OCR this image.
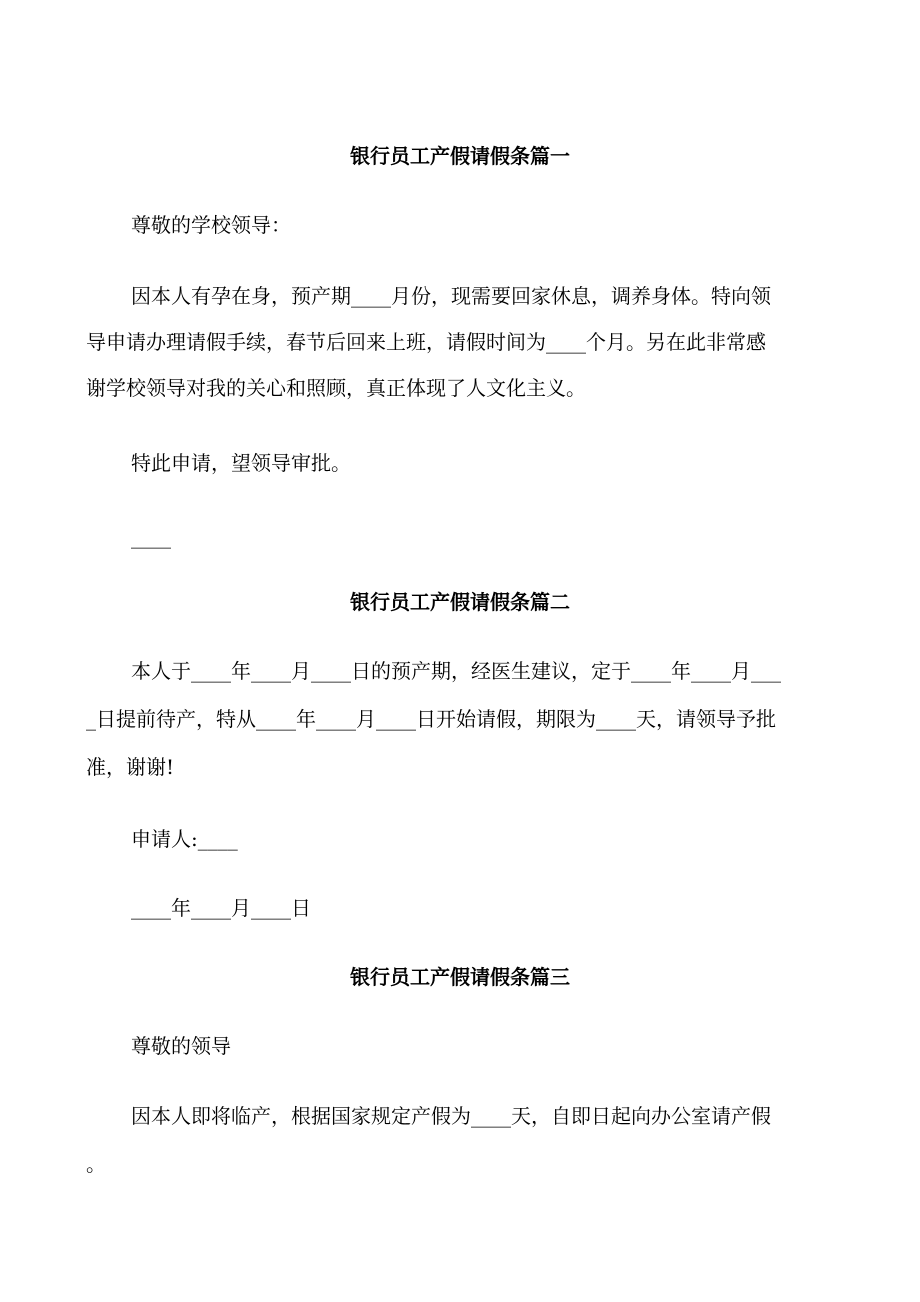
银行员工产假请假条篇一
尊敬的学校领导：
因本人有孕在身，预产期____月份，现需要回家休息，调养身体。特向领
导申请办理请假手续，春节后回来上班，请假时间为____个月。另在此非常感
谢学校领导对我的关心和照顾，真正体现了人文化主义。
特此申请，望领导审批。
____
银行员工产假请假条篇二
本人于____年____月____日的预产期，经医生建议，定于____年____月___
_日提前待产，特从____年____月____日开始请假，期限为____天，请领导予批
准，谢谢!
申请人:____
____年____月____日
银行员工产假请假条篇三
尊敬的领导
因本人即将临产，根据国家规定产假为____天，自即日起向办公室请产假
。
